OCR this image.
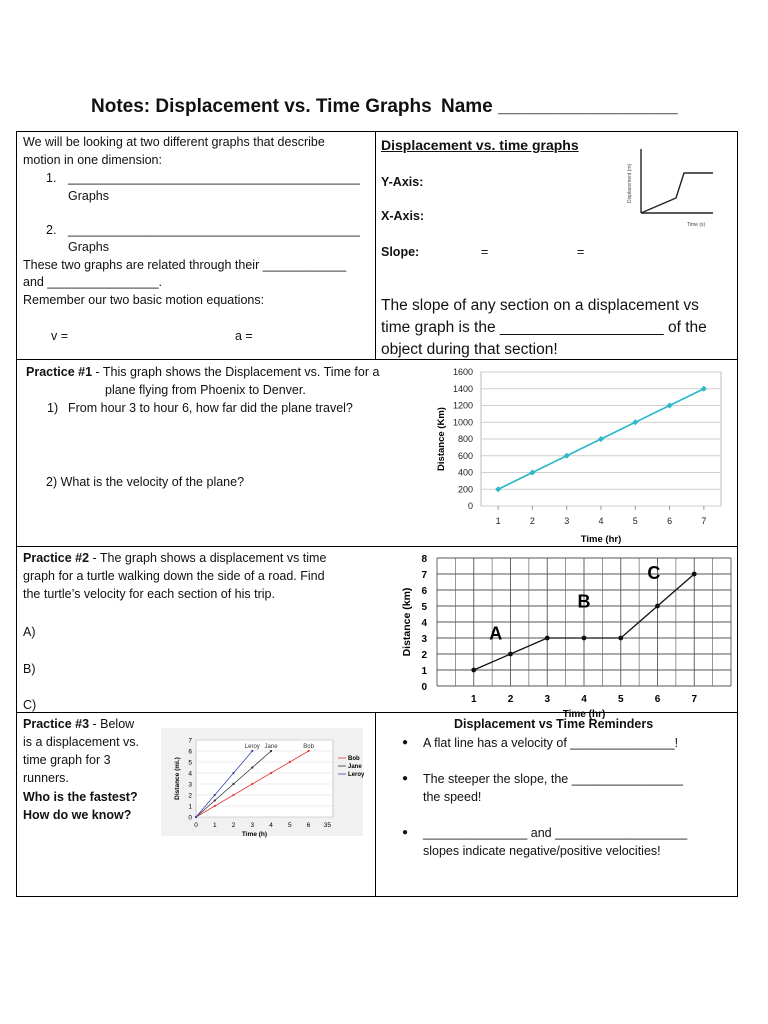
Notes: Displacement vs. Time Graphs Name _________________
We will be looking at two different graphs that describe
motion in one dimension:
1. __________________________________________
Graphs
2. __________________________________________
Graphs
These two graphs are related through their ____________
and ________________.
Remember our two basic motion equations:
v =	a =
Displacement vs. time graphs
Y-Axis:
X-Axis:
Slope:	=	=
The slope of any section on a displacement vs
time graph is the ___________________ of the
object during that section!
Displacement (m)
Time (s)
Practice #1 - This graph shows the Displacement vs. Time for a
plane flying from Phoenix to Denver.
1) From hour 3 to hour 6, how far did the plane travel?
2) What is the velocity of the plane?
0
200
400
600
800
1000
1200
1400
1600
1	2	3	4	5	6	7
Time (hr)
Distance (Km)
Practice #2 - The graph shows a displacement vs time
graph for a turtle walking down the side of a road. Find
the turtle’s velocity for each section of his trip.
A)
B)
C)
0
1
2
3
4
5
6
7
8
1	2	3	4	5	6	7
Time (hr)
Distance (km)	A
B
C
Practice #3 - Below
is a displacement vs.
time graph for 3
runners.
Who is the fastest?
How do we know?	0
1
2
3
4
5
6
7
0 1 2 3 4 5 6 35
Time (h)
Distance (mi.)
Bob
Bob
Jane
Jane
Leroy
Leroy
Displacement vs Time Reminders
● A flat line has a velocity of _______________!
● The steeper the slope, the ________________
the speed!
● _______________ and ___________________
slopes indicate negative/positive velocities!
